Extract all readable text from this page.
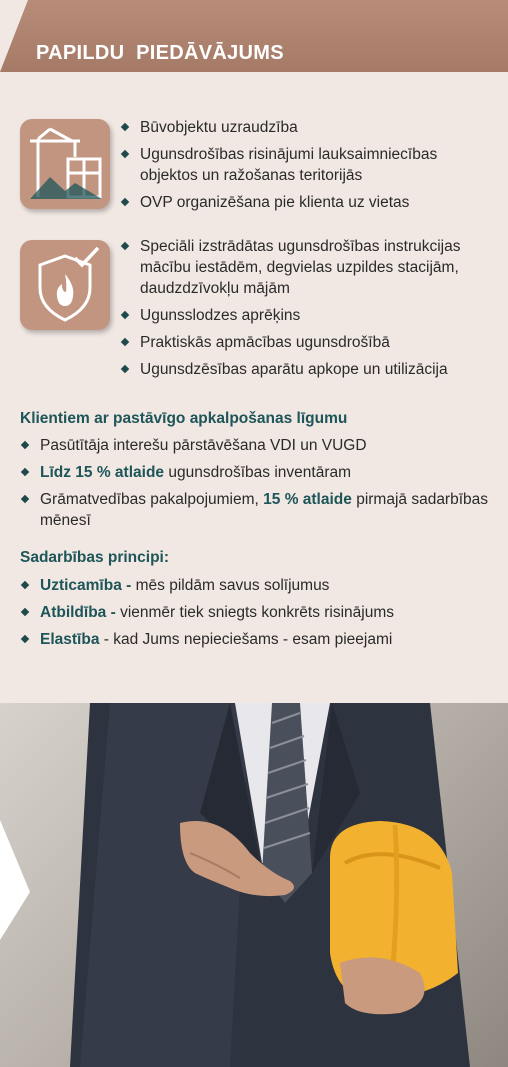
PAPILDU  PIEDĀVĀJUMS
Būvobjektu uzraudzība
Ugunsdrošības risinājumi lauksaimniecības objektos un ražošanas teritorijās
OVP organizēšana pie klienta uz vietas
Speciāli izstrādātas ugunsdrošības instrukcijas mācību iestādēm, degvielas uzpildes stacijām, daudzdzīvokļu mājām
Ugunsslodzes aprēķins
Praktiskās apmācības ugunsdrošībā
Ugunsdzēsības aparātu apkope un utilizācija
Klientiem ar pastāvīgo apkalpošanas līgumu
Pasūtītāja interešu pārstāvēšana VDI un VUGD
Līdz 15 % atlaide ugunsdrošības inventāram
Grāmatvedības pakalpojumiem, 15 % atlaide pirmajā sadarbības mēnesī
Sadarbības principi:
Uzticamība - mēs pildām savus solījumus
Atbildība - vienmēr tiek sniegts konkrēts risinājums
Elastība - kad Jums nepieciešams - esam pieejami
